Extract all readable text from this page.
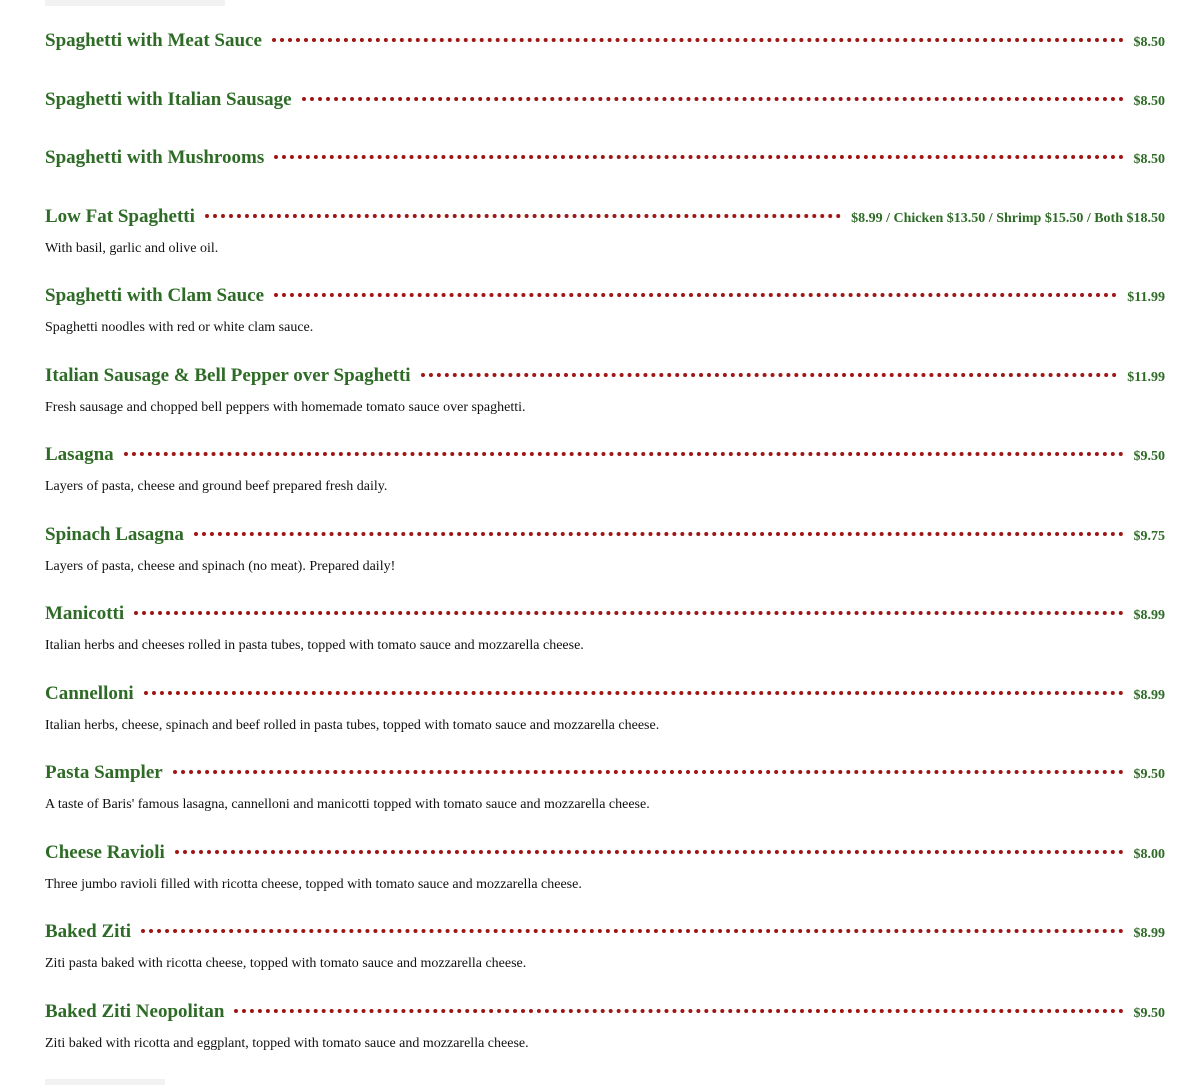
Spaghetti with Meat Sauce	$8.50
Spaghetti with Italian Sausage	$8.50
Spaghetti with Mushrooms	$8.50
Low Fat Spaghetti	$8.99 / Chicken $13.50 / Shrimp $15.50 / Both $18.50
With basil, garlic and olive oil.
Spaghetti with Clam Sauce	$11.99
Spaghetti noodles with red or white clam sauce.
Italian Sausage & Bell Pepper over Spaghetti	$11.99
Fresh sausage and chopped bell peppers with homemade tomato sauce over spaghetti.
Lasagna	$9.50
Layers of pasta, cheese and ground beef prepared fresh daily.
Spinach Lasagna	$9.75
Layers of pasta, cheese and spinach (no meat). Prepared daily!
Manicotti	$8.99
Italian herbs and cheeses rolled in pasta tubes, topped with tomato sauce and mozzarella cheese.
Cannelloni	$8.99
Italian herbs, cheese, spinach and beef rolled in pasta tubes, topped with tomato sauce and mozzarella cheese.
Pasta Sampler	$9.50
A taste of Baris' famous lasagna, cannelloni and manicotti topped with tomato sauce and mozzarella cheese.
Cheese Ravioli	$8.00
Three jumbo ravioli filled with ricotta cheese, topped with tomato sauce and mozzarella cheese.
Baked Ziti	$8.99
Ziti pasta baked with ricotta cheese, topped with tomato sauce and mozzarella cheese.
Baked Ziti Neopolitan	$9.50
Ziti baked with ricotta and eggplant, topped with tomato sauce and mozzarella cheese.
